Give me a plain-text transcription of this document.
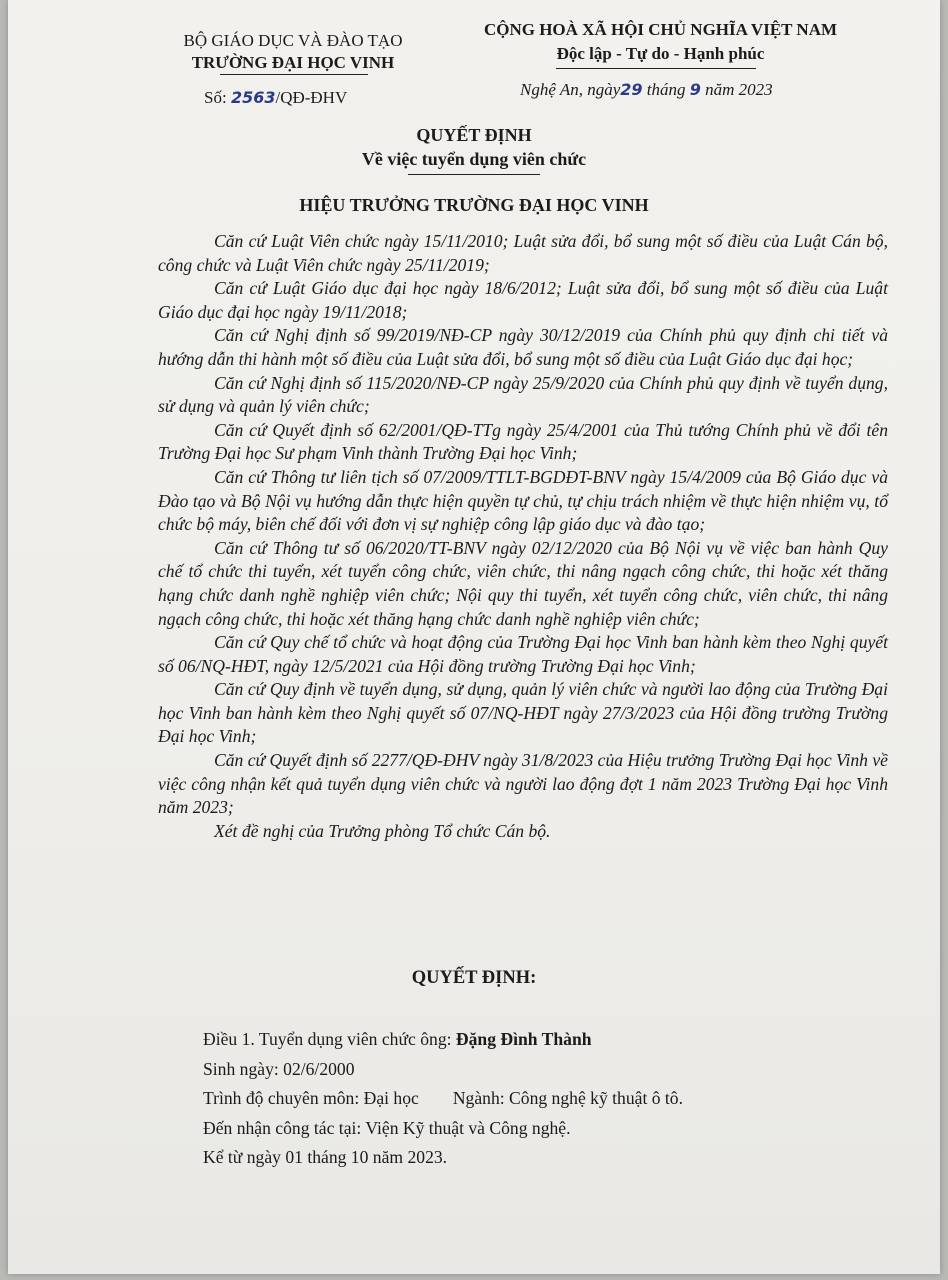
BỘ GIÁO DỤC VÀ ĐÀO TẠO
TRƯỜNG ĐẠI HỌC VINH
CỘNG HOÀ XÃ HỘI CHỦ NGHĨA VIỆT NAM
Độc lập - Tự do - Hạnh phúc
Số: 2563/QĐ-ĐHV	Nghệ An, ngày29 tháng 9 năm 2023
QUYẾT ĐỊNH
Về việc tuyển dụng viên chức
HIỆU TRƯỞNG TRƯỜNG ĐẠI HỌC VINH

Căn cứ Luật Viên chức ngày 15/11/2010; Luật sửa đổi, bổ sung một số điều của Luật Cán bộ, công chức và Luật Viên chức ngày 25/11/2019;

Căn cứ Luật Giáo dục đại học ngày 18/6/2012; Luật sửa đổi, bổ sung một số điều của Luật Giáo dục đại học ngày 19/11/2018;

Căn cứ Nghị định số 99/2019/NĐ-CP ngày 30/12/2019 của Chính phủ quy định chi tiết và hướng dẫn thi hành một số điều của Luật sửa đổi, bổ sung một số điều của Luật Giáo dục đại học;

Căn cứ Nghị định số 115/2020/NĐ-CP ngày 25/9/2020 của Chính phủ quy định về tuyển dụng, sử dụng và quản lý viên chức;

Căn cứ Quyết định số 62/2001/QĐ-TTg ngày 25/4/2001 của Thủ tướng Chính phủ về đổi tên Trường Đại học Sư phạm Vinh thành Trường Đại học Vinh;

Căn cứ Thông tư liên tịch số 07/2009/TTLT-BGDĐT-BNV ngày 15/4/2009 của Bộ Giáo dục và Đào tạo và Bộ Nội vụ hướng dẫn thực hiện quyền tự chủ, tự chịu trách nhiệm về thực hiện nhiệm vụ, tổ chức bộ máy, biên chế đối với đơn vị sự nghiệp công lập giáo dục và đào tạo;

Căn cứ Thông tư số 06/2020/TT-BNV ngày 02/12/2020 của Bộ Nội vụ về việc ban hành Quy chế tổ chức thi tuyển, xét tuyển công chức, viên chức, thi nâng ngạch công chức, thi hoặc xét thăng hạng chức danh nghề nghiệp viên chức; Nội quy thi tuyển, xét tuyển công chức, viên chức, thi nâng ngạch công chức, thi hoặc xét thăng hạng chức danh nghề nghiệp viên chức;

Căn cứ Quy chế tổ chức và hoạt động của Trường Đại học Vinh ban hành kèm theo Nghị quyết số 06/NQ-HĐT, ngày 12/5/2021 của Hội đồng trường Trường Đại học Vinh;

Căn cứ Quy định về tuyển dụng, sử dụng, quản lý viên chức và người lao động của Trường Đại học Vinh ban hành kèm theo Nghị quyết số 07/NQ-HĐT ngày 27/3/2023 của Hội đồng trường Trường Đại học Vinh;

Căn cứ Quyết định số 2277/QĐ-ĐHV ngày 31/8/2023 của Hiệu trưởng Trường Đại học Vinh về việc công nhận kết quả tuyển dụng viên chức và người lao động đợt 1 năm 2023 Trường Đại học Vinh năm 2023;

Xét đề nghị của Trưởng phòng Tổ chức Cán bộ.

QUYẾT ĐỊNH:
Điều 1. Tuyển dụng viên chức ông: Đặng Đình Thành
Sinh ngày: 02/6/2000
Trình độ chuyên môn: Đại học Ngành: Công nghệ kỹ thuật ô tô.
Đến nhận công tác tại: Viện Kỹ thuật và Công nghệ.
Kể từ ngày 01 tháng 10 năm 2023.
